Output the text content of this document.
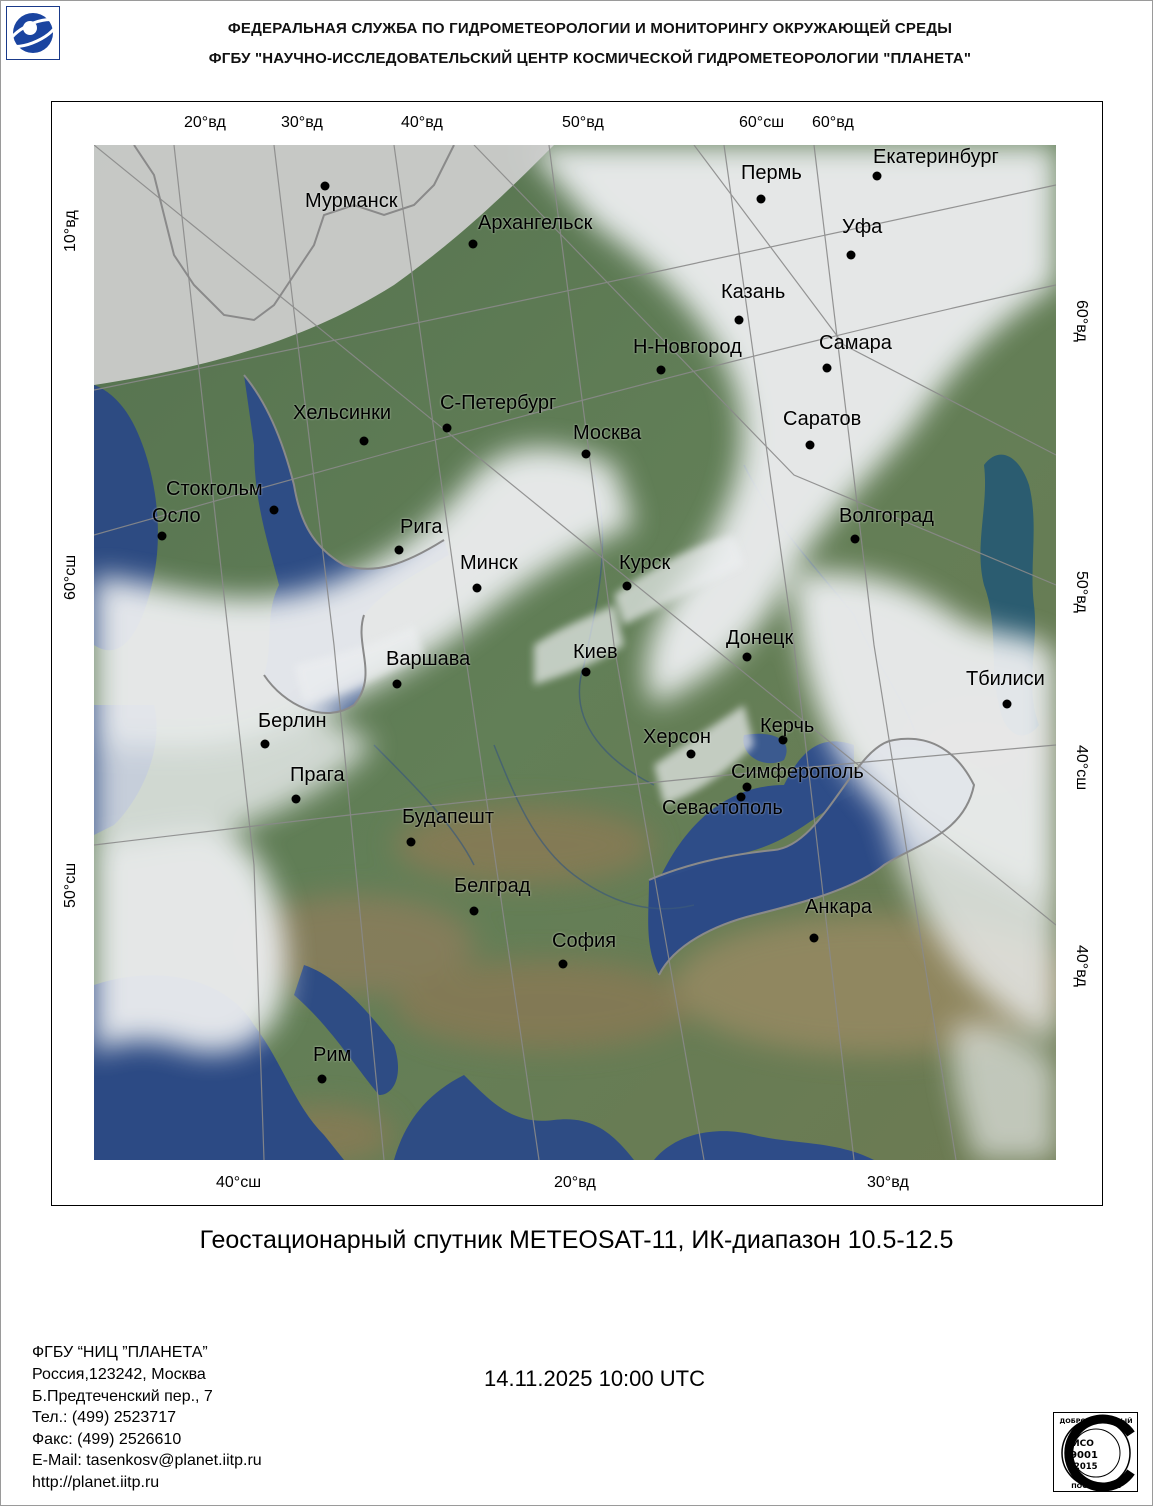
ФЕДЕРАЛЬНАЯ СЛУЖБА ПО ГИДРОМЕТЕОРОЛОГИИ И МОНИТОРИНГУ ОКРУЖАЮЩЕЙ СРЕДЫ
ФГБУ "НАУЧНО-ИССЛЕДОВАТЕЛЬСКИЙ ЦЕНТР КОСМИЧЕСКОЙ ГИДРОМЕТЕОРОЛОГИИ "ПЛАНЕТА"
20°вд	30°вд	40°вд	50°вд	60°сш 60°вд
40°сш	20°вд	30°вд
10°вд
60°сш
50°сш
60°вд
50°вд
40°сш
40°вд
Мурманск
Архангельск
Пермь
Екатеринбург
Уфа
Казань
Н-Новгород	Самара
Хельсинки С-Петербург
Москва
Саратов
Стокгольм
Осло	Рига	Волгоград
Минск	Курск
Варшава	Киев
Донецк
Тбилиси
Берлин
Херсон Керчь
Прага	Симферополь
Севастополь
Будапешт
Белград
Анкара
София
Рим
Геостационарный спутник METEOSAT-11, ИК-диапазон 10.5-12.5
ФГБУ “НИЦ ”ПЛАНЕТА”
Россия,123242, Москва
Б.Предтеченский пер., 7
Тел.: (499) 2523717
Факс: (499) 2526610
E-Mail: tasenkosv@planet.iitp.ru
http://planet.iitp.ru
14.11.2025 10:00 UTC
ДОБРОСОВЕСТНЫЙ
ИСО
9001
-2015
ПОСТАВЩИК
